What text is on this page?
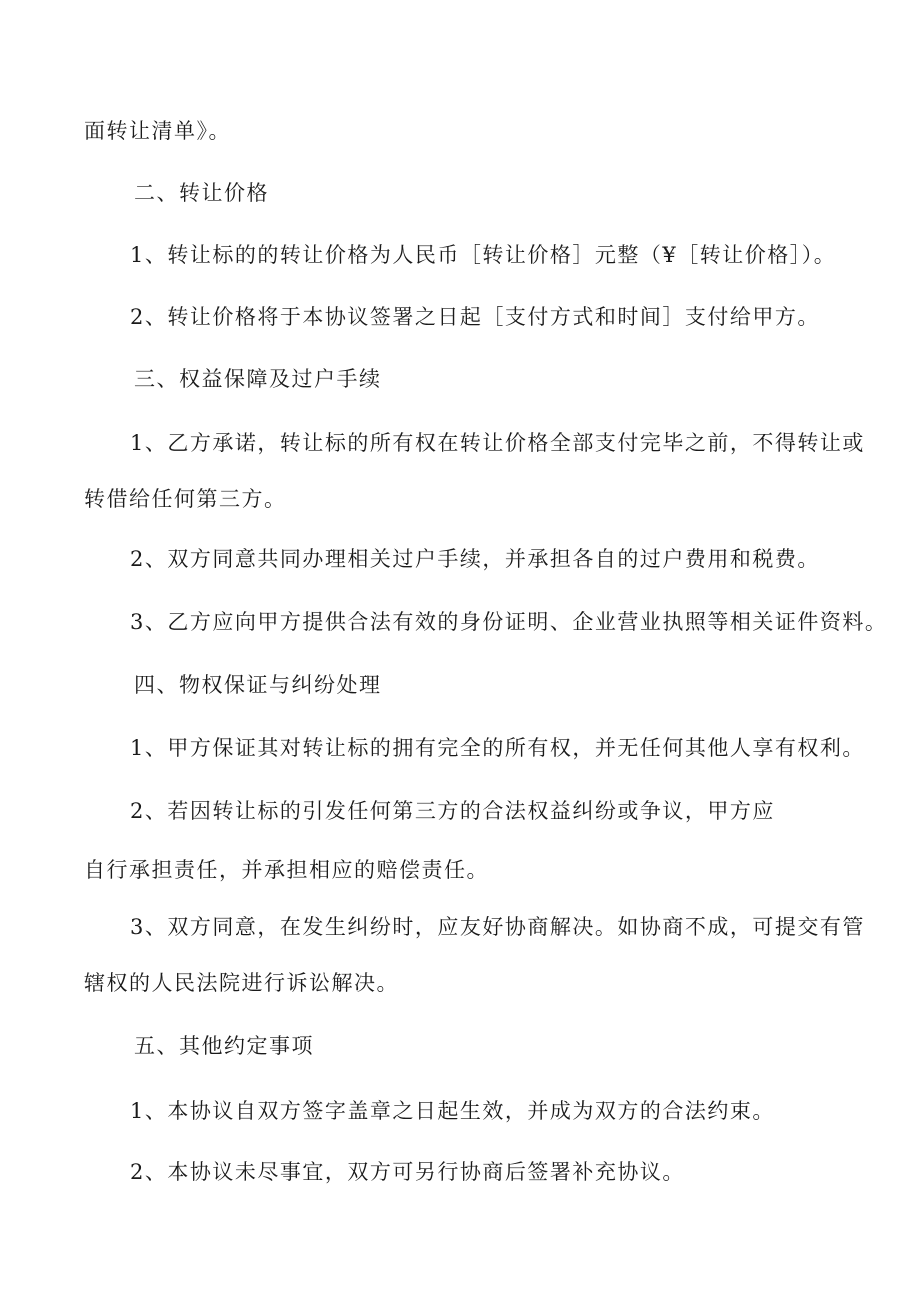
面转让清单》。
二、转让价格
1、转让标的的转让价格为人民币［转让价格］元整（¥［转让价格］）。
2、转让价格将于本协议签署之日起［支付方式和时间］支付给甲方。
三、权益保障及过户手续
1、乙方承诺，转让标的所有权在转让价格全部支付完毕之前，不得转让或
转借给任何第三方。
2、双方同意共同办理相关过户手续，并承担各自的过户费用和税费。
3、乙方应向甲方提供合法有效的身份证明、企业营业执照等相关证件资料。
四、物权保证与纠纷处理
1、甲方保证其对转让标的拥有完全的所有权，并无任何其他人享有权利。
2、若因转让标的引发任何第三方的合法权益纠纷或争议，甲方应
自行承担责任，并承担相应的赔偿责任。
3、双方同意，在发生纠纷时，应友好协商解决。如协商不成，可提交有管
辖权的人民法院进行诉讼解决。
五、其他约定事项
1、本协议自双方签字盖章之日起生效，并成为双方的合法约束。
2、本协议未尽事宜，双方可另行协商后签署补充协议。
